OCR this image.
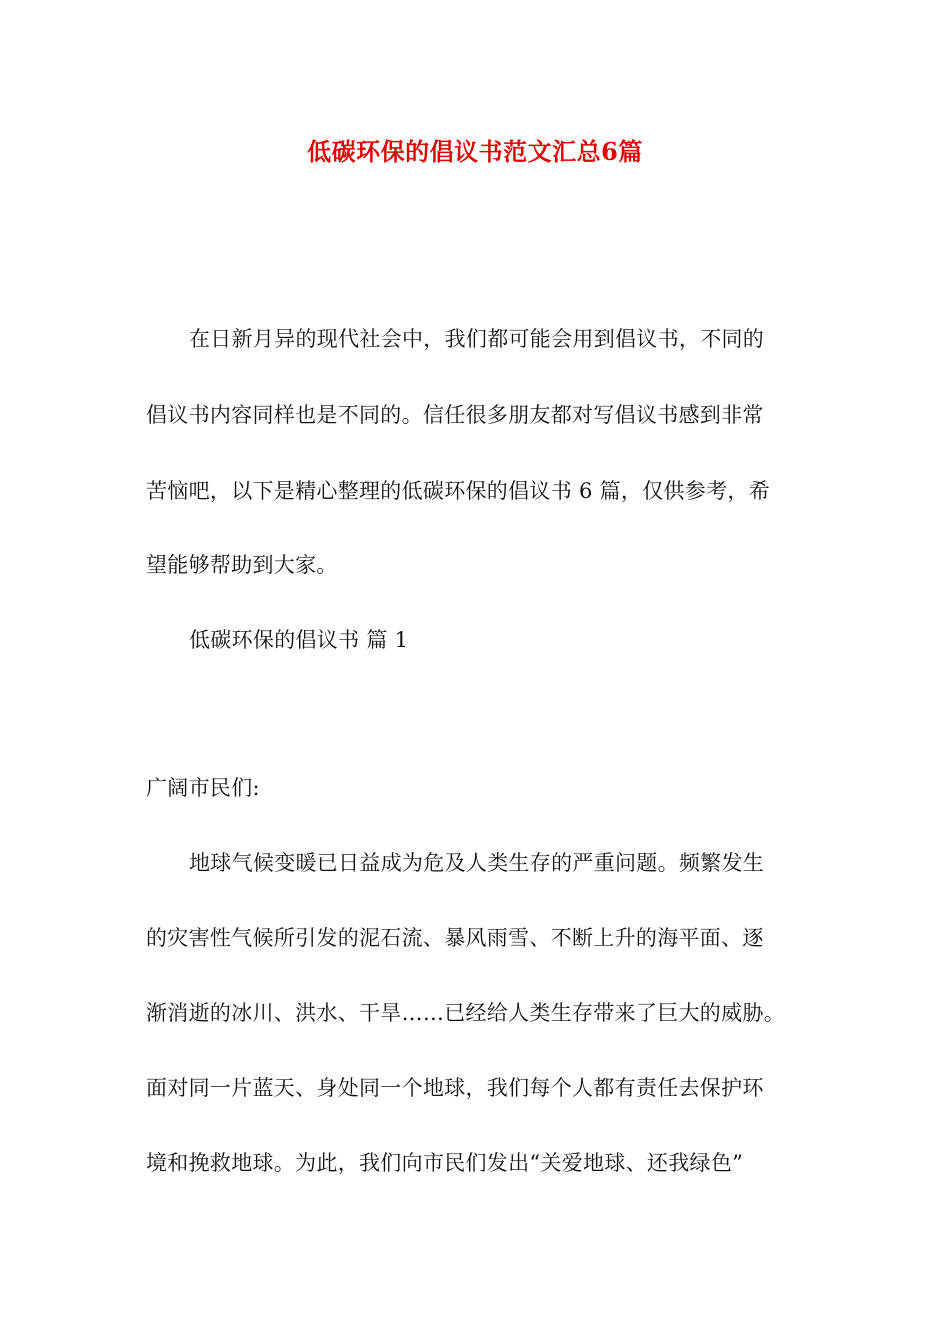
低碳环保的倡议书范文汇总6篇
在日新月异的现代社会中，我们都可能会用到倡议书，不同的
倡议书内容同样也是不同的。信任很多朋友都对写倡议书感到非常
苦恼吧，以下是精心整理的低碳环保的倡议书 6 篇，仅供参考，希
望能够帮助到大家。
低碳环保的倡议书 篇 1
广阔市民们:
地球气候变暖已日益成为危及人类生存的严重问题。频繁发生
的灾害性气候所引发的泥石流、暴风雨雪、不断上升的海平面、逐
渐消逝的冰川、洪水、干旱……已经给人类生存带来了巨大的威胁。
面对同一片蓝天、身处同一个地球，我们每个人都有责任去保护环
境和挽救地球。为此，我们向市民们发出“关爱地球、还我绿色”
